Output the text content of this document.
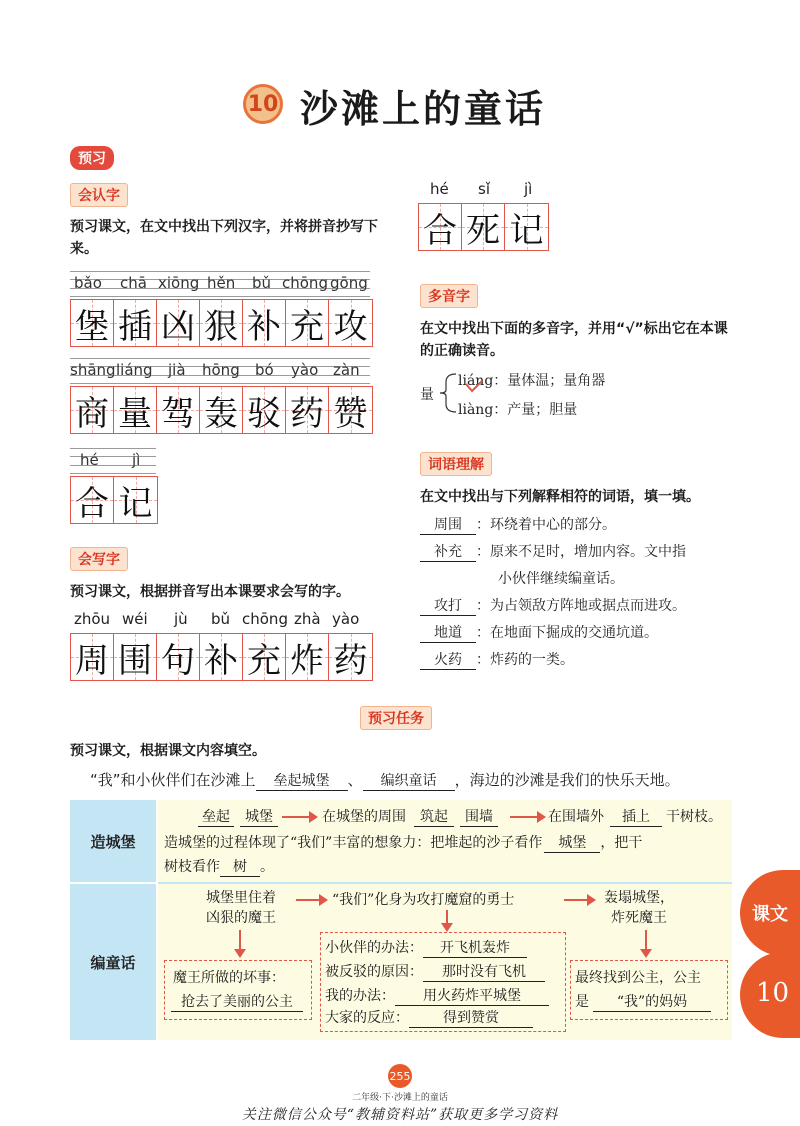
10 沙滩上的童话
预习
会认字
预习课文，在文中找出下列汉字，并将拼音抄写下来。
bǎo chā xiōng hěn bǔ chōng gōng
堡 插 凶 狠 补 充 攻
shāng liáng jià hōng bó yào zàn
商 量 驾 轰 驳 药 赞
hé jì
合 记
会写字
预习课文，根据拼音写出本课要求会写的字。
zhōu wéi jù bǔ chōng zhà yào
周 围 句 补 充 炸 药
hé sǐ jì
合 死 记
多音字
在文中找出下面的多音字，并用“√”标出它在本课的正确读音。
量
liáng：量体温；量角器
liàng：产量；胆量
词语理解
在文中找出与下列解释相符的词语，填一填。
周围 ：环绕着中心的部分。
补充 ：原来不足时，增加内容。文中指
小伙伴继续编童话。
攻打 ：为占领敌方阵地或据点而进攻。
地道 ：在地面下掘成的交通坑道。
火药 ：炸药的一类。
预习任务
预习课文，根据课文内容填空。
“我”和小伙伴们在沙滩上 垒起城堡 、 编织童话 ，海边的沙滩是我们的快乐天地。
造城堡
编童话
垒起 城堡	在城堡的周围 筑起 围墙	在围墙外 插上 干树枝。
造城堡的过程体现了“我们”丰富的想象力：把堆起的沙子看作 城堡 ，把干
树枝看作 树 。
城堡里住着
凶狠的魔王
“我们”化身为攻打魔窟的勇士	轰塌城堡，
炸死魔王
魔王所做的坏事：
抢去了美丽的公主
小伙伴的办法： 开飞机轰炸
被反驳的原因： 那时没有飞机
我的办法： 用火药炸平城堡
大家的反应： 得到赞赏
最终找到公主，公主
是 “我”的妈妈
课文
10
255
二年级·下·沙滩上的童话
关注微信公众号“教辅资料站”获取更多学习资料
